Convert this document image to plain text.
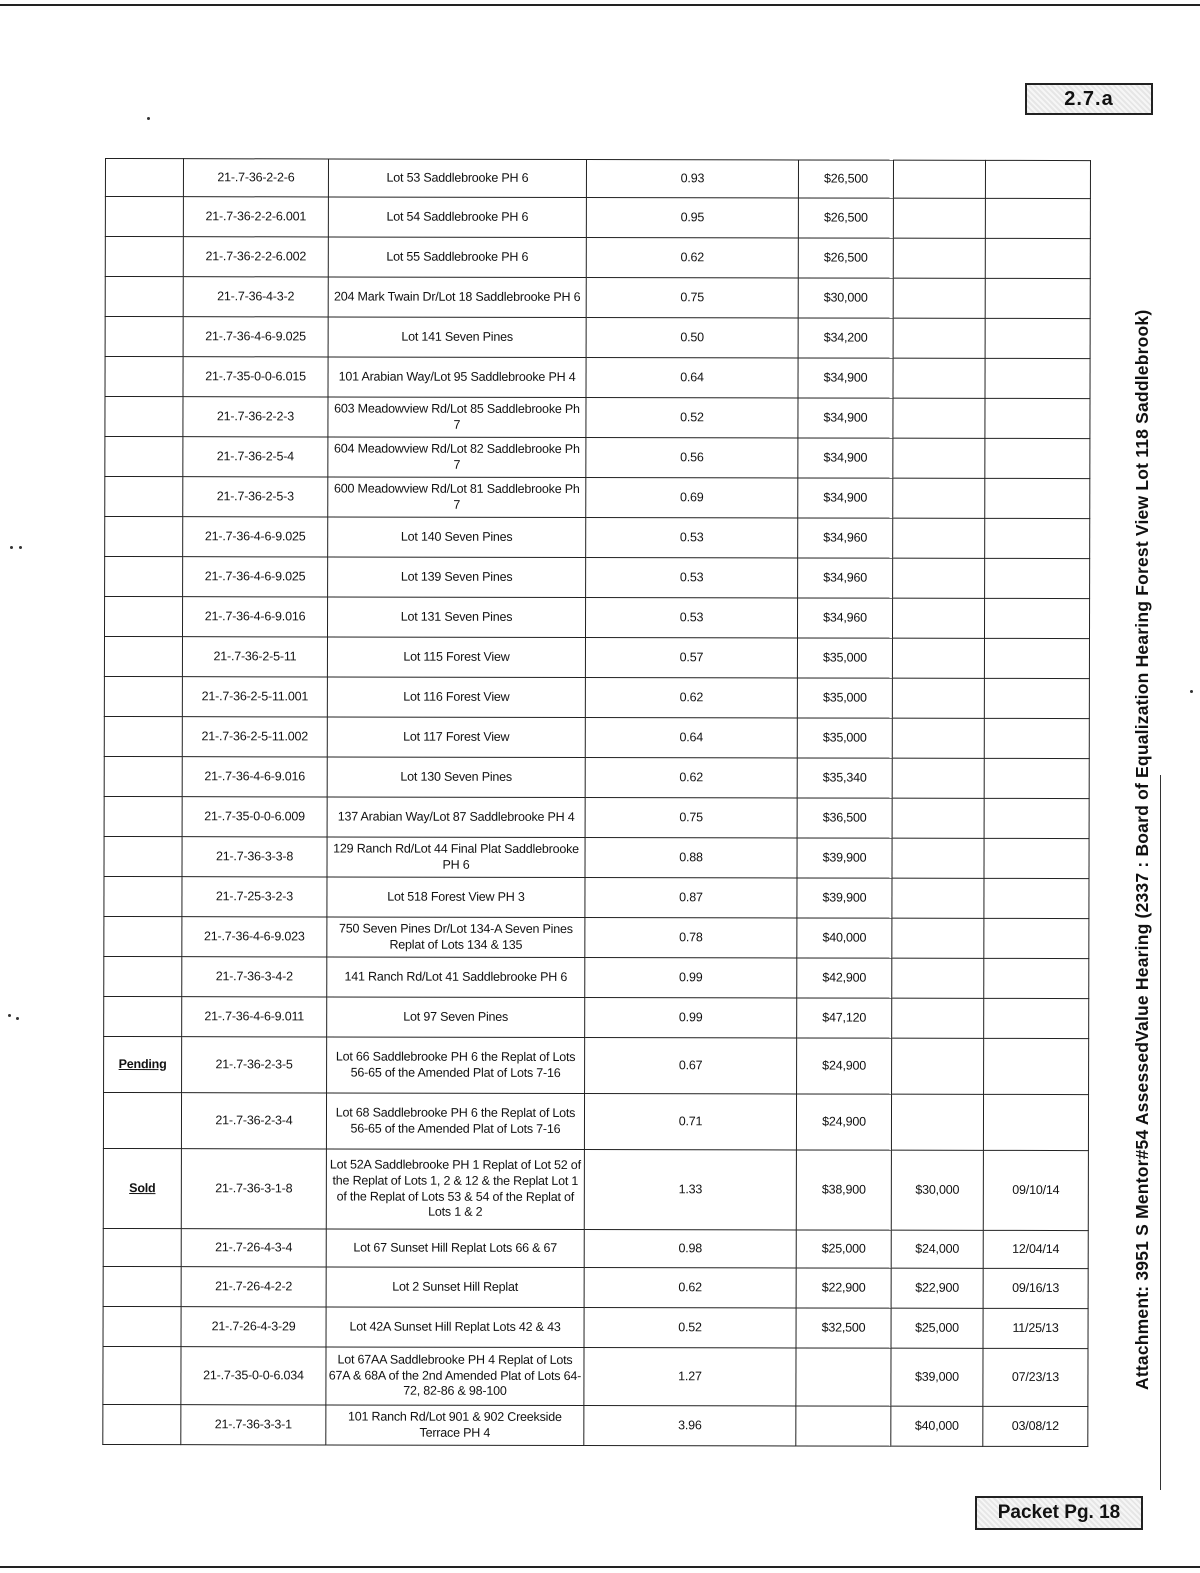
2.7.a
	21-.7-36-2-2-6	Lot 53 Saddlebrooke PH 6	0.93	$26,500		
	21-.7-36-2-2-6.001	Lot 54 Saddlebrooke PH 6	0.95	$26,500		
	21-.7-36-2-2-6.002	Lot 55 Saddlebrooke PH 6	0.62	$26,500		
	21-.7-36-4-3-2	204 Mark Twain Dr/Lot 18 Saddlebrooke PH 6	0.75	$30,000		
	21-.7-36-4-6-9.025	Lot 141 Seven Pines	0.50	$34,200		
	21-.7-35-0-0-6.015	101 Arabian Way/Lot 95 Saddlebrooke PH 4	0.64	$34,900		
	21-.7-36-2-2-3	603 Meadowview Rd/Lot 85 Saddlebrooke Ph 7	0.52	$34,900		
	21-.7-36-2-5-4	604 Meadowview Rd/Lot 82 Saddlebrooke Ph 7	0.56	$34,900		
	21-.7-36-2-5-3	600 Meadowview Rd/Lot 81 Saddlebrooke Ph 7	0.69	$34,900		
	21-.7-36-4-6-9.025	Lot 140 Seven Pines	0.53	$34,960		
	21-.7-36-4-6-9.025	Lot 139 Seven Pines	0.53	$34,960		
	21-.7-36-4-6-9.016	Lot 131 Seven Pines	0.53	$34,960		
	21-.7-36-2-5-11	Lot 115 Forest View	0.57	$35,000		
	21-.7-36-2-5-11.001	Lot 116 Forest View	0.62	$35,000		
	21-.7-36-2-5-11.002	Lot 117 Forest View	0.64	$35,000		
	21-.7-36-4-6-9.016	Lot 130 Seven Pines	0.62	$35,340		
	21-.7-35-0-0-6.009	137 Arabian Way/Lot 87 Saddlebrooke PH 4	0.75	$36,500		
	21-.7-36-3-3-8	129 Ranch Rd/Lot 44 Final Plat Saddlebrooke PH 6	0.88	$39,900		
	21-.7-25-3-2-3	Lot 518 Forest View PH 3	0.87	$39,900		
	21-.7-36-4-6-9.023	750 Seven Pines Dr/Lot 134-A Seven Pines Replat of Lots 134 & 135	0.78	$40,000		
	21-.7-36-3-4-2	141 Ranch Rd/Lot 41 Saddlebrooke PH 6	0.99	$42,900		
	21-.7-36-4-6-9.011	Lot 97 Seven Pines	0.99	$47,120		
Pending	21-.7-36-2-3-5	Lot 66 Saddlebrooke PH 6 the Replat of Lots 56-65 of the Amended Plat of Lots 7-16	0.67	$24,900		
	21-.7-36-2-3-4	Lot 68 Saddlebrooke PH 6 the Replat of Lots 56-65 of the Amended Plat of Lots 7-16	0.71	$24,900		
Sold	21-.7-36-3-1-8	Lot 52A Saddlebrooke PH 1 Replat of Lot 52 of the Replat of Lots 1, 2 & 12 & the Replat Lot 1 of the Replat of Lots 53 & 54 of the Replat of Lots 1 & 2	1.33	$38,900	$30,000	09/10/14
	21-.7-26-4-3-4	Lot 67 Sunset Hill Replat Lots 66 & 67	0.98	$25,000	$24,000	12/04/14
	21-.7-26-4-2-2	Lot 2 Sunset Hill Replat	0.62	$22,900	$22,900	09/16/13
	21-.7-26-4-3-29	Lot 42A Sunset Hill Replat Lots 42 & 43	0.52	$32,500	$25,000	11/25/13
	21-.7-35-0-0-6.034	Lot 67AA Saddlebrooke PH 4 Replat of Lots 67A & 68A of the 2nd Amended Plat of Lots 64-72, 82-86 & 98-100	1.27		$39,000	07/23/13
	21-.7-36-3-3-1	101 Ranch Rd/Lot 901 & 902 Creekside Terrace PH 4	3.96		$40,000	03/08/12
Attachment: 3951 S Mentor#54 AssessedValue Hearing (2337 : Board of Equalization Hearing Forest View Lot 118 Saddlebrook)
Packet Pg. 18
